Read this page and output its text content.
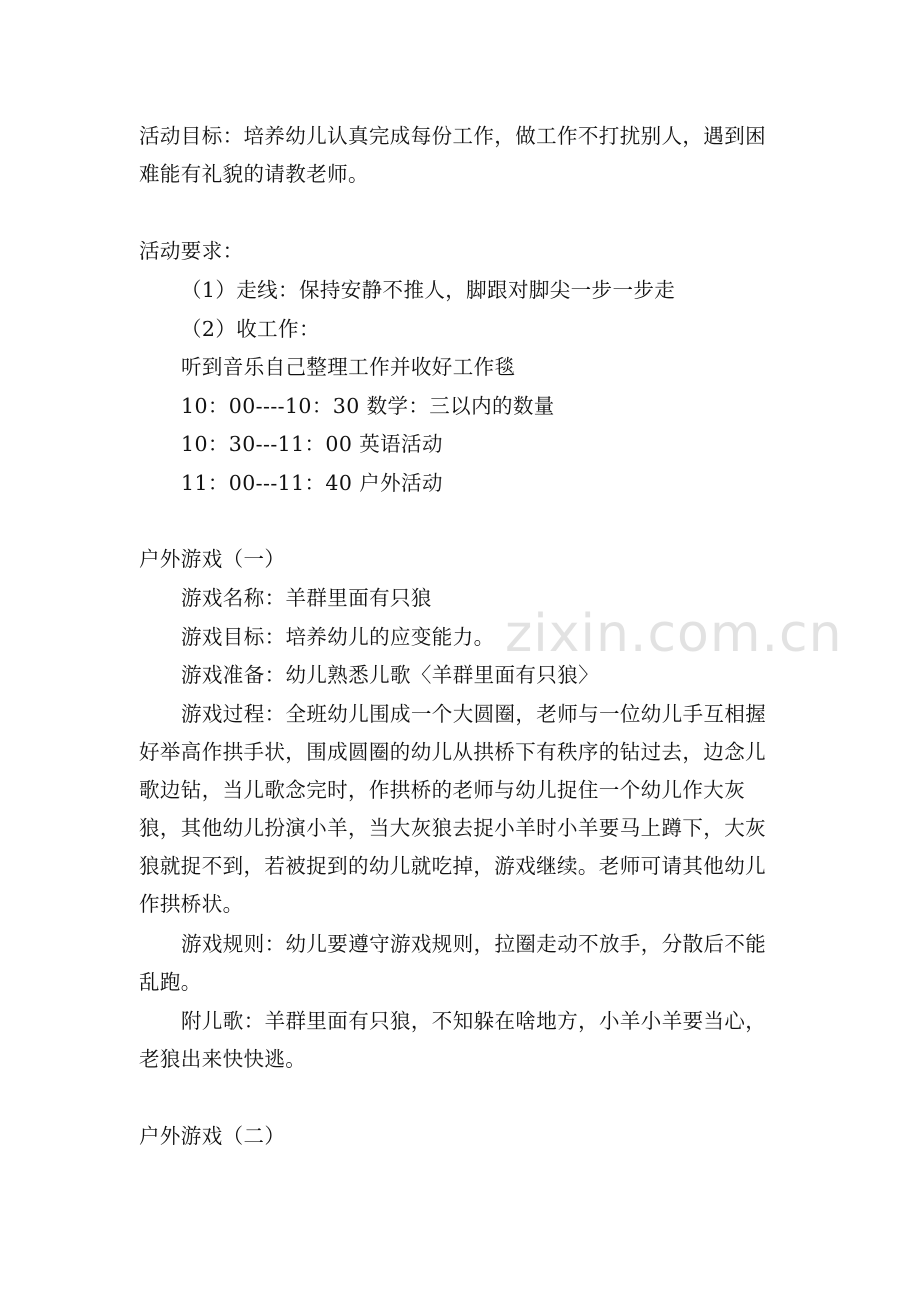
活动目标：培养幼儿认真完成每份工作，做工作不打扰别人，遇到困难能有礼貌的请教老师。
活动要求：
（1）走线：保持安静不推人，脚跟对脚尖一步一步走
（2）收工作：
听到音乐自己整理工作并收好工作毯
10：00----10：30 数学：三以内的数量
10：30---11：00 英语活动
11：00---11：40 户外活动
户外游戏（一）
游戏名称：羊群里面有只狼
游戏目标：培养幼儿的应变能力。
游戏准备：幼儿熟悉儿歌〈羊群里面有只狼〉
游戏过程：全班幼儿围成一个大圆圈，老师与一位幼儿手互相握好举高作拱手状，围成圆圈的幼儿从拱桥下有秩序的钻过去，边念儿歌边钻，当儿歌念完时，作拱桥的老师与幼儿捉住一个幼儿作大灰狼，其他幼儿扮演小羊，当大灰狼去捉小羊时小羊要马上蹲下，大灰狼就捉不到，若被捉到的幼儿就吃掉，游戏继续。老师可请其他幼儿作拱桥状。
游戏规则：幼儿要遵守游戏规则，拉圈走动不放手，分散后不能乱跑。
附儿歌：羊群里面有只狼，不知躲在啥地方，小羊小羊要当心，老狼出来快快逃。
户外游戏（二）
zixin.com.cn
